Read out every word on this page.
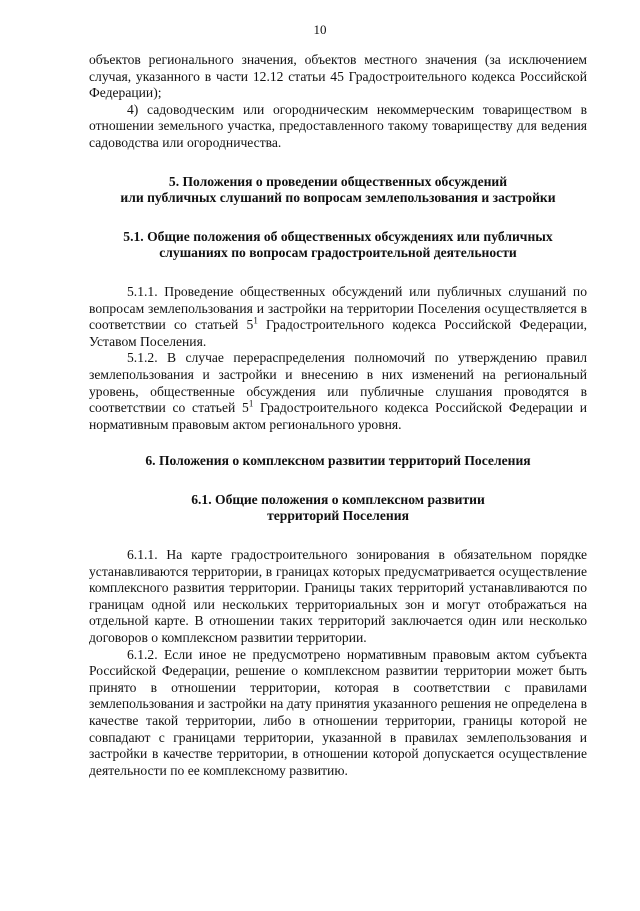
10

объектов регионального значения, объектов местного значения (за исключением случая, указанного в части 12.12 статьи 45 Градостроительного кодекса Российской Федерации);

4) садоводческим или огородническим некоммерческим товариществом в отношении земельного участка, предоставленного такому товариществу для ведения садоводства или огородничества.

5. Положения о проведении общественных обсуждений
или публичных слушаний по вопросам землепользования и застройки
5.1. Общие положения об общественных обсуждениях или публичных
слушаниях по вопросам градостроительной деятельности

5.1.1. Проведение общественных обсуждений или публичных слушаний по вопросам землепользования и застройки на территории Поселения осуществляется в соответствии со статьей $5^1$ Градостроительного кодекса Российской Федерации, Уставом Поселения.

5.1.2. В случае перераспределения полномочий по утверждению правил землепользования и застройки и внесению в них изменений на региональный уровень, общественные обсуждения или публичные слушания проводятся в соответствии со статьей $5^1$ Градостроительного кодекса Российской Федерации и нормативным правовым актом регионального уровня.

6. Положения о комплексном развитии территорий Поселения
6.1. Общие положения о комплексном развитии
территорий Поселения

6.1.1. На карте градостроительного зонирования в обязательном порядке устанавливаются территории, в границах которых предусматривается осуществление комплексного развития территории. Границы таких территорий устанавливаются по границам одной или нескольких территориальных зон и могут отображаться на отдельной карте. В отношении таких территорий заключается один или несколько договоров о комплексном развитии территории.

6.1.2. Если иное не предусмотрено нормативным правовым актом субъекта Российской Федерации, решение о комплексном развитии территории может быть принято в отношении территории, которая в соответствии с правилами землепользования и застройки на дату принятия указанного решения не определена в качестве такой территории, либо в отношении территории, границы которой не совпадают с границами территории, указанной в правилах землепользования и застройки в качестве территории, в отношении которой допускается осуществление деятельности по ее комплексному развитию.
